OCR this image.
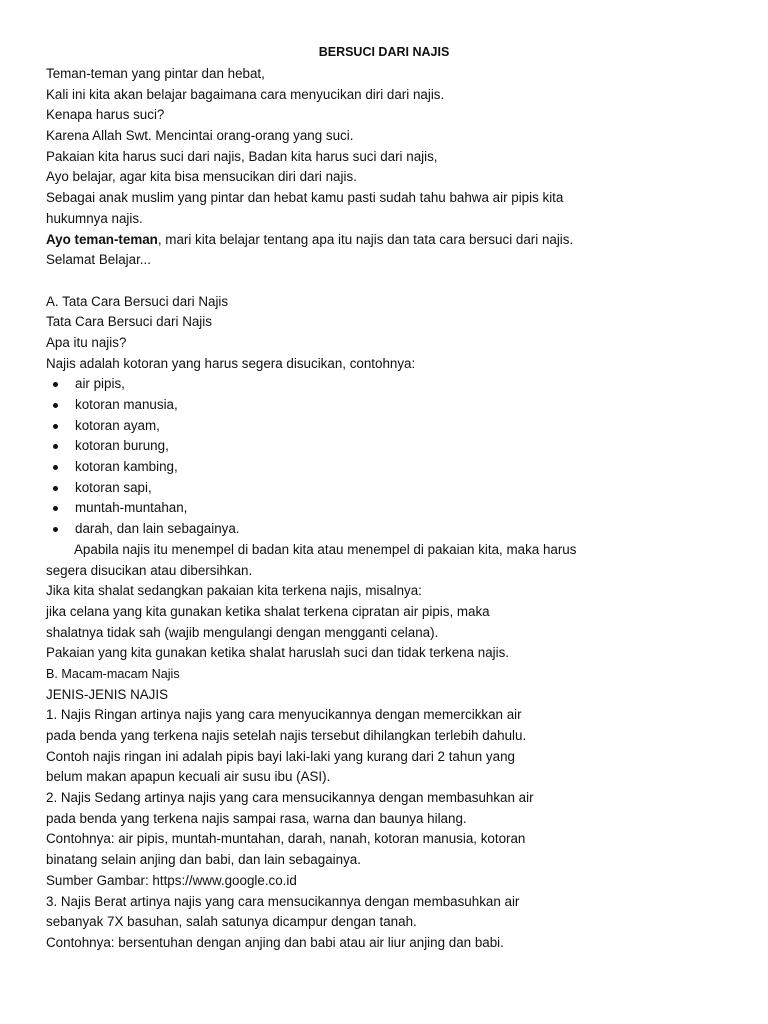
BERSUCI DARI NAJIS
Teman-teman yang pintar dan hebat,
Kali ini kita akan belajar bagaimana cara menyucikan diri dari najis.
Kenapa harus suci?
Karena Allah Swt. Mencintai orang-orang yang suci.
Pakaian kita harus suci dari najis, Badan kita harus suci dari najis,
Ayo belajar, agar kita bisa mensucikan diri dari najis.
Sebagai anak muslim yang pintar dan hebat kamu pasti sudah tahu bahwa air pipis kita
hukumnya najis.
Ayo teman-teman, mari kita belajar tentang apa itu najis dan tata cara bersuci dari najis.
Selamat Belajar...
A. Tata Cara Bersuci dari Najis
Tata Cara Bersuci dari Najis
Apa itu najis?
Najis adalah kotoran yang harus segera disucikan, contohnya:
air pipis,
kotoran manusia,
kotoran ayam,
kotoran burung,
kotoran kambing,
kotoran sapi,
muntah-muntahan,
darah, dan lain sebagainya.
Apabila najis itu menempel di badan kita atau menempel di pakaian kita, maka harus
segera disucikan atau dibersihkan.
Jika kita shalat sedangkan pakaian kita terkena najis, misalnya:
jika celana yang kita gunakan ketika shalat terkena cipratan air pipis, maka
shalatnya tidak sah (wajib mengulangi dengan mengganti celana).
Pakaian yang kita gunakan ketika shalat haruslah suci dan tidak terkena najis.
B. Macam-macam Najis
JENIS-JENIS NAJIS
1. Najis Ringan artinya najis yang cara menyucikannya dengan memercikkan air
pada benda yang terkena najis setelah najis tersebut dihilangkan terlebih dahulu.
Contoh najis ringan ini adalah pipis bayi laki-laki yang kurang dari 2 tahun yang
belum makan apapun kecuali air susu ibu (ASI).
2. Najis Sedang artinya najis yang cara mensucikannya dengan membasuhkan air
pada benda yang terkena najis sampai rasa, warna dan baunya hilang.
Contohnya: air pipis, muntah-muntahan, darah, nanah, kotoran manusia, kotoran
binatang selain anjing dan babi, dan lain sebagainya.
Sumber Gambar: https://www.google.co.id
3. Najis Berat artinya najis yang cara mensucikannya dengan membasuhkan air
sebanyak 7X basuhan, salah satunya dicampur dengan tanah.
Contohnya: bersentuhan dengan anjing dan babi atau air liur anjing dan babi.
